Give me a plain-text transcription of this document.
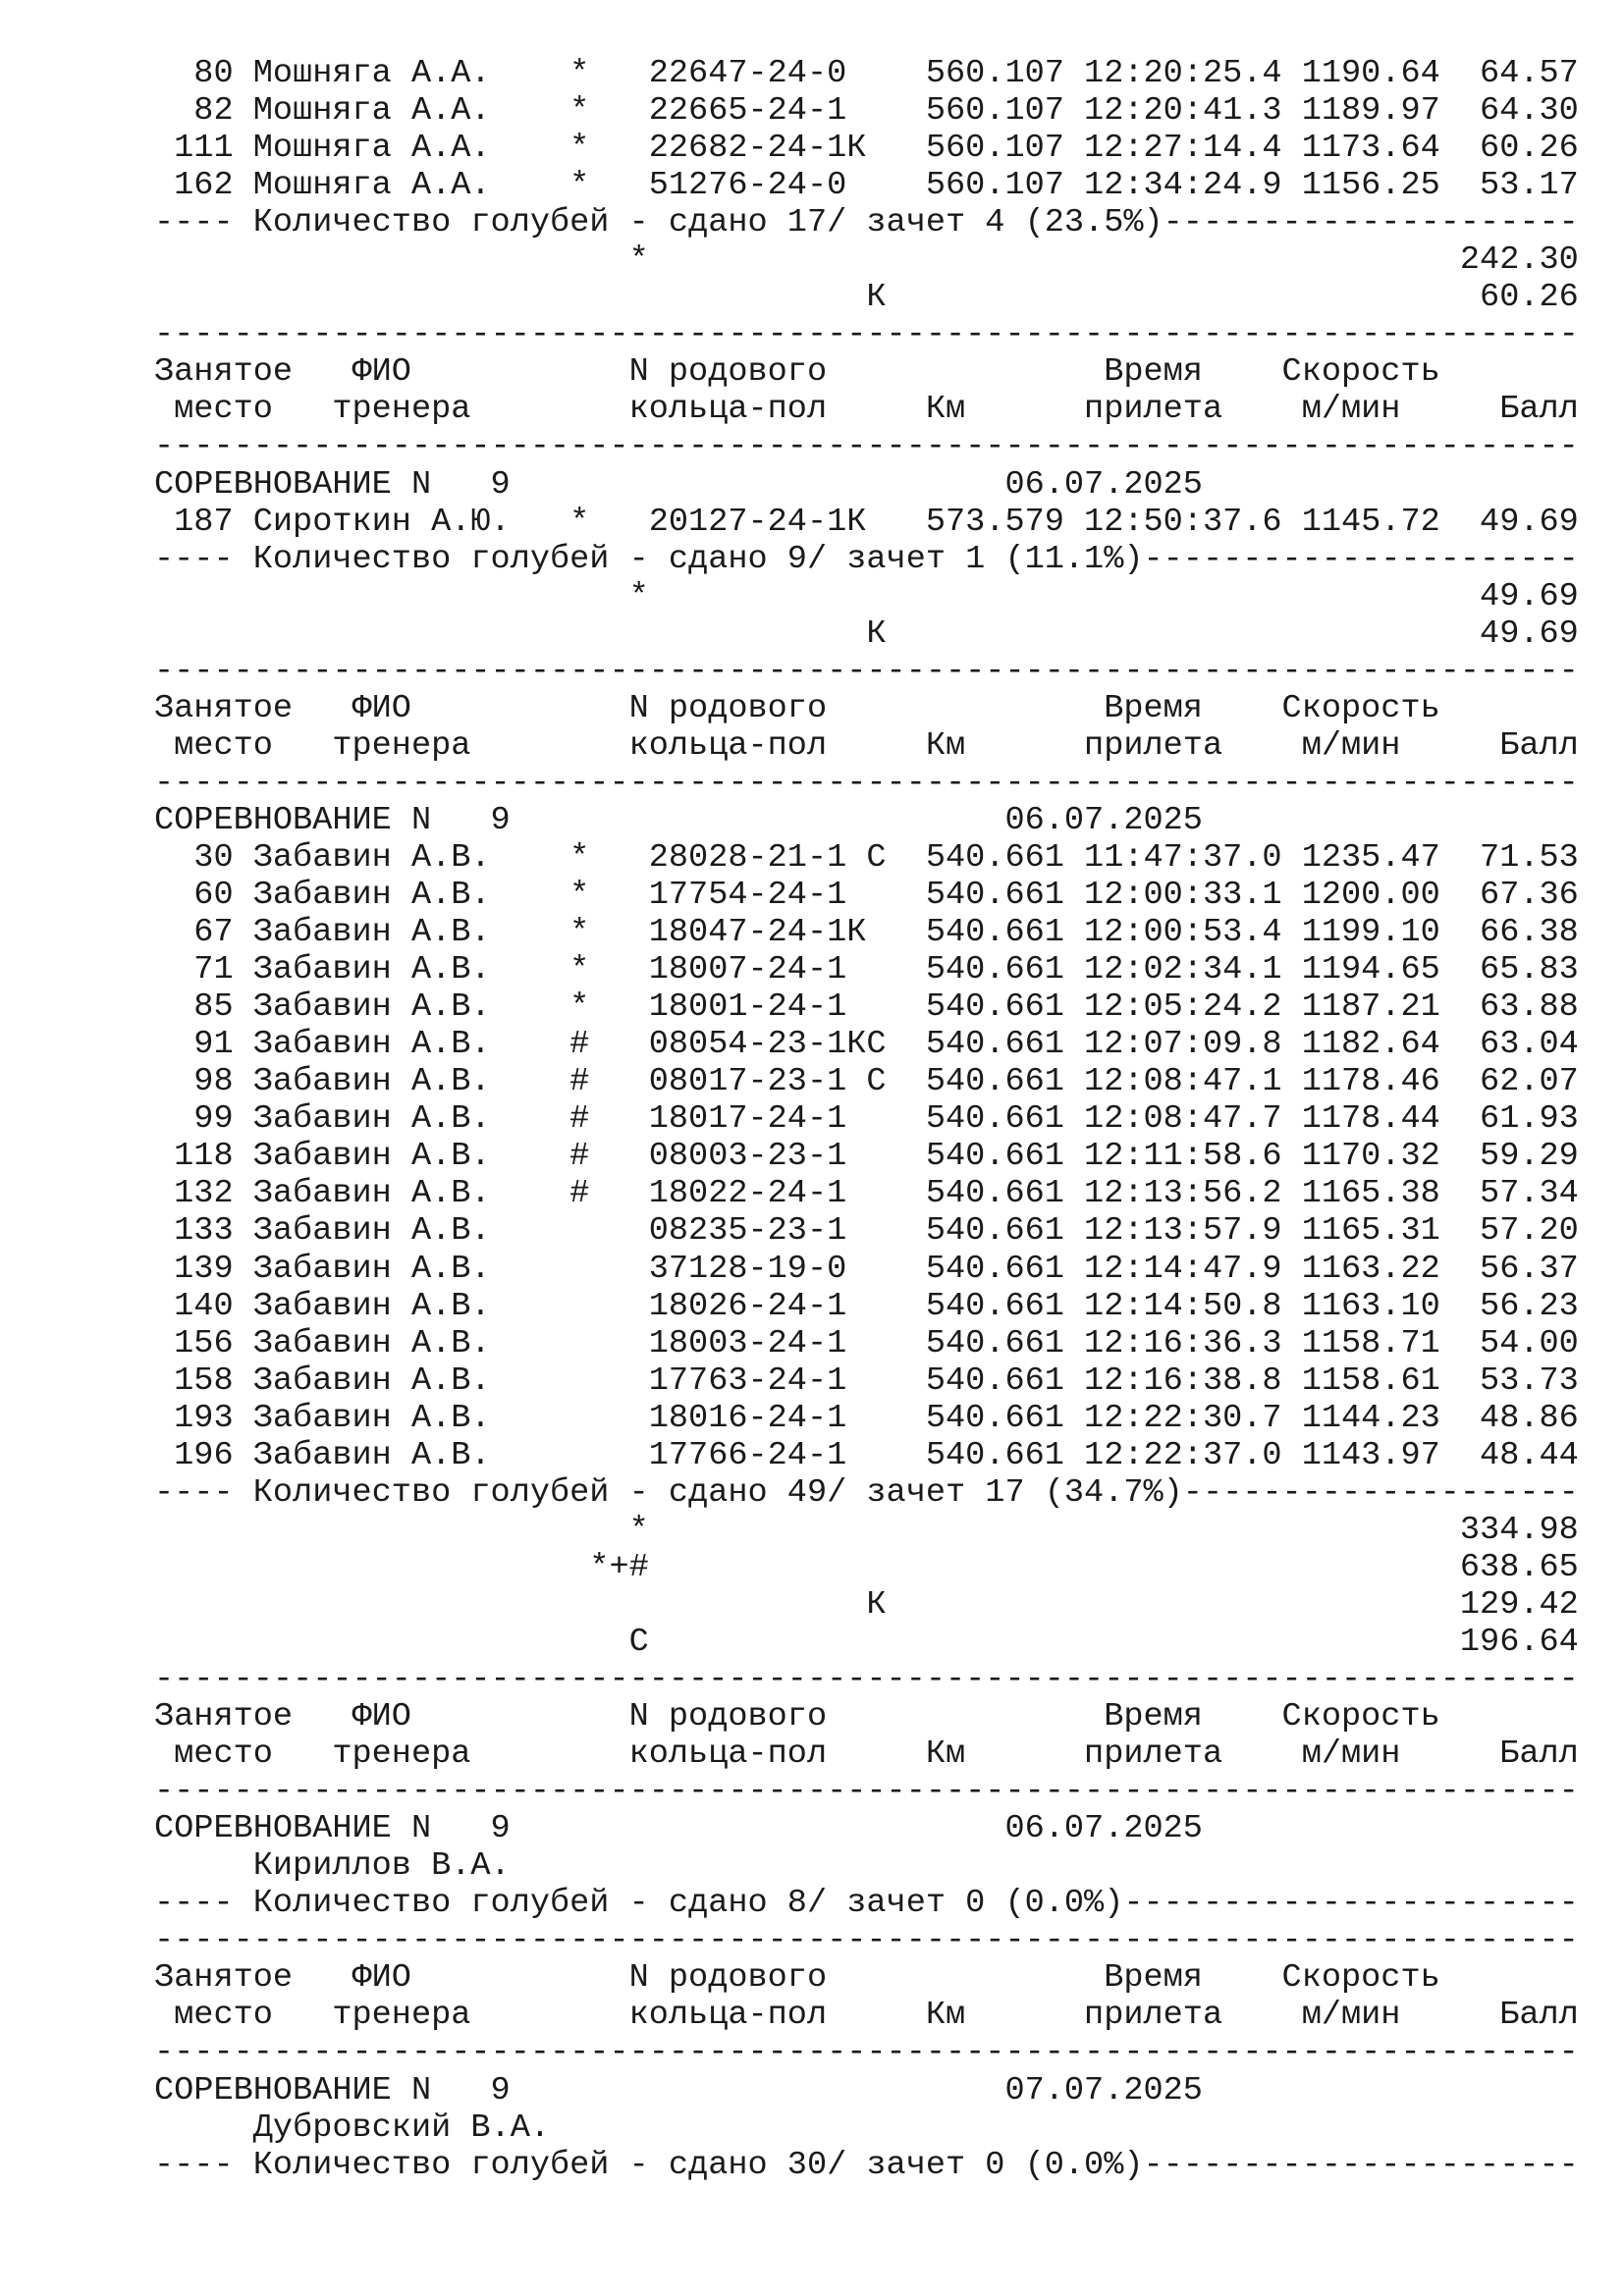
80 Мошняга А.А.    *   22647-24-0    560.107 12:20:25.4 1190.64  64.57
82 Мошняга А.А.    *   22665-24-1    560.107 12:20:41.3 1189.97  64.30
111 Мошняга А.А.    *   22682-24-1К   560.107 12:27:14.4 1173.64  60.26
162 Мошняга А.А.    *   51276-24-0    560.107 12:34:24.9 1156.25  53.17
---- Количество голубей - сдано 17/ зачет 4 (23.5%)---------------------
*                                         242.30
К                              60.26
------------------------------------------------------------------------
Занятое   ФИО           N родового              Время    Скорость
место   тренера        кольца-пол     Км      прилета    м/мин     Балл
------------------------------------------------------------------------
СОРЕВНОВАНИЕ N   9                         06.07.2025
187 Сироткин А.Ю.   *   20127-24-1К   573.579 12:50:37.6 1145.72  49.69
---- Количество голубей - сдано 9/ зачет 1 (11.1%)----------------------
*                                          49.69
К                              49.69
------------------------------------------------------------------------
Занятое   ФИО           N родового              Время    Скорость
место   тренера        кольца-пол     Км      прилета    м/мин     Балл
------------------------------------------------------------------------
СОРЕВНОВАНИЕ N   9                         06.07.2025
30 Забавин А.В.    *   28028-21-1 С  540.661 11:47:37.0 1235.47  71.53
60 Забавин А.В.    *   17754-24-1    540.661 12:00:33.1 1200.00  67.36
67 Забавин А.В.    *   18047-24-1К   540.661 12:00:53.4 1199.10  66.38
71 Забавин А.В.    *   18007-24-1    540.661 12:02:34.1 1194.65  65.83
85 Забавин А.В.    *   18001-24-1    540.661 12:05:24.2 1187.21  63.88
91 Забавин А.В.    #   08054-23-1КС  540.661 12:07:09.8 1182.64  63.04
98 Забавин А.В.    #   08017-23-1 С  540.661 12:08:47.1 1178.46  62.07
99 Забавин А.В.    #   18017-24-1    540.661 12:08:47.7 1178.44  61.93
118 Забавин А.В.    #   08003-23-1    540.661 12:11:58.6 1170.32  59.29
132 Забавин А.В.    #   18022-24-1    540.661 12:13:56.2 1165.38  57.34
133 Забавин А.В.        08235-23-1    540.661 12:13:57.9 1165.31  57.20
139 Забавин А.В.        37128-19-0    540.661 12:14:47.9 1163.22  56.37
140 Забавин А.В.        18026-24-1    540.661 12:14:50.8 1163.10  56.23
156 Забавин А.В.        18003-24-1    540.661 12:16:36.3 1158.71  54.00
158 Забавин А.В.        17763-24-1    540.661 12:16:38.8 1158.61  53.73
193 Забавин А.В.        18016-24-1    540.661 12:22:30.7 1144.23  48.86
196 Забавин А.В.        17766-24-1    540.661 12:22:37.0 1143.97  48.44
---- Количество голубей - сдано 49/ зачет 17 (34.7%)--------------------
*                                         334.98
*+#                                         638.65
К                             129.42
С                                         196.64
------------------------------------------------------------------------
Занятое   ФИО           N родового              Время    Скорость
место   тренера        кольца-пол     Км      прилета    м/мин     Балл
------------------------------------------------------------------------
СОРЕВНОВАНИЕ N   9                         06.07.2025
Кириллов В.А.
---- Количество голубей - сдано 8/ зачет 0 (0.0%)-----------------------
------------------------------------------------------------------------
Занятое   ФИО           N родового              Время    Скорость
место   тренера        кольца-пол     Км      прилета    м/мин     Балл
------------------------------------------------------------------------
СОРЕВНОВАНИЕ N   9                         07.07.2025
Дубровский В.А.
---- Количество голубей - сдано 30/ зачет 0 (0.0%)----------------------
